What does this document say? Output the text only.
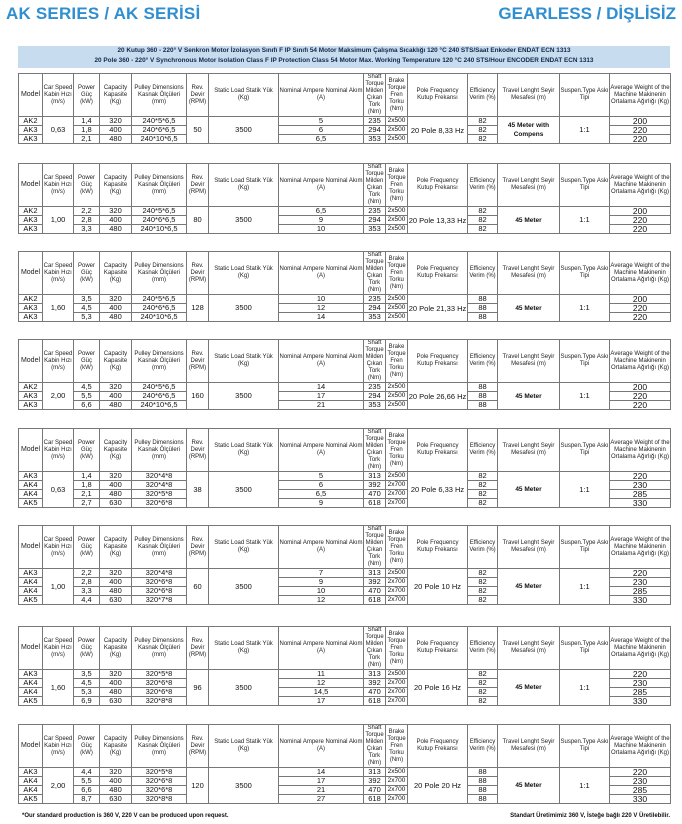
AK SERIES / AK SERİSİ	GEARLESS / DİŞLİSİZ
20 Kutup 360 - 220° V Senkron Motor İzolasyon Sınıfı F IP Sınıfı 54 Motor Maksimum Çalışma Sıcaklığı 120 °C 240 STS/Saat Enkoder ENDAT ECN 1313
20 Pole 360 - 220° V Synchronous Motor Isolation Class F IP Protection Class 54 Motor Max. Working Temperature 120 °C 240 STS/Hour ENCODER ENDAT ECN 1313
Model	Car Speed Kabin Hızı (m/s)	Power Güç (kW)	Capacity Kapasite (Kg)	Pulley Dimensions Kasnak Ölçüleri (mm)	Rev. Devir (RPM)	Static Load Statik Yük (Kg)	Nominal Ampere Nominal Akım (A)	Shaft Torque Milden Çıkan Tork (Nm)	Brake Torque Fren Torku (Nm)	Pole Frequency Kutup Frekansı	Efficiency Verim (%)	Travel Lenght Seyir Mesafesi (m)	Suspen.Type Askı Tipi	Average Weight of the Machine Makinenin Ortalama Ağırlığı (Kg)
AK2	0,63	1,4	320	240*5*6,5	50	3500	5	235	2x500	20 Pole 8,33 Hz	82	45 Meter with Compens	1:1	200
AK3		1,8	400	240*6*6,5			6	294	2x500		82			220
AK3		2,1	480	240*10*6,5			6,5	353	2x500		82			220
Model	Car Speed Kabin Hızı (m/s)	Power Güç (kW)	Capacity Kapasite (Kg)	Pulley Dimensions Kasnak Ölçüleri (mm)	Rev. Devir (RPM)	Static Load Statik Yük (Kg)	Nominal Ampere Nominal Akım (A)	Shaft Torque Milden Çıkan Tork (Nm)	Brake Torque Fren Torku (Nm)	Pole Frequency Kutup Frekansı	Efficiency Verim (%)	Travel Lenght Seyir Mesafesi (m)	Suspen.Type Askı Tipi	Average Weight of the Machine Makinenin Ortalama Ağırlığı (Kg)
AK2	1,00	2,2	320	240*5*6,5	80	3500	6,5	235	2x500	20 Pole 13,33 Hz	82	45 Meter	1:1	200
AK3		2,8	400	240*6*6,5			9	294	2x500		82			220
AK3		3,3	480	240*10*6,5			10	353	2x500		82			220
Model	Car Speed Kabin Hızı (m/s)	Power Güç (kW)	Capacity Kapasite (Kg)	Pulley Dimensions Kasnak Ölçüleri (mm)	Rev. Devir (RPM)	Static Load Statik Yük (Kg)	Nominal Ampere Nominal Akım (A)	Shaft Torque Milden Çıkan Tork (Nm)	Brake Torque Fren Torku (Nm)	Pole Frequency Kutup Frekansı	Efficiency Verim (%)	Travel Lenght Seyir Mesafesi (m)	Suspen.Type Askı Tipi	Average Weight of the Machine Makinenin Ortalama Ağırlığı (Kg)
AK2	1,60	3,5	320	240*5*6,5	128	3500	10	235	2x500	20 Pole 21,33 Hz	88	45 Meter	1:1	200
AK3		4,5	400	240*6*6,5			12	294	2x500		88			220
AK3		5,3	480	240*10*6,5			14	353	2x500		88			220
Model	Car Speed Kabin Hızı (m/s)	Power Güç (kW)	Capacity Kapasite (Kg)	Pulley Dimensions Kasnak Ölçüleri (mm)	Rev. Devir (RPM)	Static Load Statik Yük (Kg)	Nominal Ampere Nominal Akım (A)	Shaft Torque Milden Çıkan Tork (Nm)	Brake Torque Fren Torku (Nm)	Pole Frequency Kutup Frekansı	Efficiency Verim (%)	Travel Lenght Seyir Mesafesi (m)	Suspen.Type Askı Tipi	Average Weight of the Machine Makinenin Ortalama Ağırlığı (Kg)
AK2	2,00	4,5	320	240*5*6,5	160	3500	14	235	2x500	20 Pole 26,66 Hz	88	45 Meter	1:1	200
AK3		5,5	400	240*6*6,5			17	294	2x500		88			220
AK3		6,6	480	240*10*6,5			21	353	2x500		88			220
Model	Car Speed Kabin Hızı (m/s)	Power Güç (kW)	Capacity Kapasite (Kg)	Pulley Dimensions Kasnak Ölçüleri (mm)	Rev. Devir (RPM)	Static Load Statik Yük (Kg)	Nominal Ampere Nominal Akım (A)	Shaft Torque Milden Çıkan Tork (Nm)	Brake Torque Fren Torku (Nm)	Pole Frequency Kutup Frekansı	Efficiency Verim (%)	Travel Lenght Seyir Mesafesi (m)	Suspen.Type Askı Tipi	Average Weight of the Machine Makinenin Ortalama Ağırlığı (Kg)
AK3	0,63	1,4	320	320*4*8	38	3500	5	313	2x500	20 Pole 6,33 Hz	82	45 Meter	1:1	220
AK4		1,8	400	320*4*8			6	392	2x700		82			230
AK4		2,1	480	320*5*8			6,5	470	2x700		82			285
AK5		2,7	630	320*6*8			9	618	2x700		82			330
Model	Car Speed Kabin Hızı (m/s)	Power Güç (kW)	Capacity Kapasite (Kg)	Pulley Dimensions Kasnak Ölçüleri (mm)	Rev. Devir (RPM)	Static Load Statik Yük (Kg)	Nominal Ampere Nominal Akım (A)	Shaft Torque Milden Çıkan Tork (Nm)	Brake Torque Fren Torku (Nm)	Pole Frequency Kutup Frekansı	Efficiency Verim (%)	Travel Lenght Seyir Mesafesi (m)	Suspen.Type Askı Tipi	Average Weight of the Machine Makinenin Ortalama Ağırlığı (Kg)
AK3	1,00	2,2	320	320*4*8	60	3500	7	313	2x500	20 Pole 10 Hz	82	45 Meter	1:1	220
AK4		2,8	400	320*6*8			9	392	2x700		82			230
AK4		3,3	480	320*6*8			10	470	2x700		82			285
AK5		4,4	630	320*7*8			12	618	2x700		82			330
Model	Car Speed Kabin Hızı (m/s)	Power Güç (kW)	Capacity Kapasite (Kg)	Pulley Dimensions Kasnak Ölçüleri (mm)	Rev. Devir (RPM)	Static Load Statik Yük (Kg)	Nominal Ampere Nominal Akım (A)	Shaft Torque Milden Çıkan Tork (Nm)	Brake Torque Fren Torku (Nm)	Pole Frequency Kutup Frekansı	Efficiency Verim (%)	Travel Lenght Seyir Mesafesi (m)	Suspen.Type Askı Tipi	Average Weight of the Machine Makinenin Ortalama Ağırlığı (Kg)
AK3	1,60	3,5	320	320*5*8	96	3500	11	313	2x500	20 Pole 16 Hz	82	45 Meter	1:1	220
AK4		4,5	400	320*6*8			12	392	2x700		82			230
AK4		5,3	480	320*6*8			14,5	470	2x700		82			285
AK5		6,9	630	320*8*8			17	618	2x700		82			330
Model	Car Speed Kabin Hızı (m/s)	Power Güç (kW)	Capacity Kapasite (Kg)	Pulley Dimensions Kasnak Ölçüleri (mm)	Rev. Devir (RPM)	Static Load Statik Yük (Kg)	Nominal Ampere Nominal Akım (A)	Shaft Torque Milden Çıkan Tork (Nm)	Brake Torque Fren Torku (Nm)	Pole Frequency Kutup Frekansı	Efficiency Verim (%)	Travel Lenght Seyir Mesafesi (m)	Suspen.Type Askı Tipi	Average Weight of the Machine Makinenin Ortalama Ağırlığı (Kg)
AK3	2,00	4,4	320	320*5*8	120	3500	14	313	2x500	20 Pole 20 Hz	88	45 Meter	1:1	220
AK4		5,5	400	320*6*8			17	392	2x700		88			230
AK4		6,6	480	320*6*8			21	470	2x700		88			285
AK5		8,7	630	320*8*8			27	618	2x700		88			330
*Our standard production is 360 V, 220 V can be produced upon request.	Standart Üretimimiz 360 V, İsteğe bağlı 220 V Üretilebilir.
